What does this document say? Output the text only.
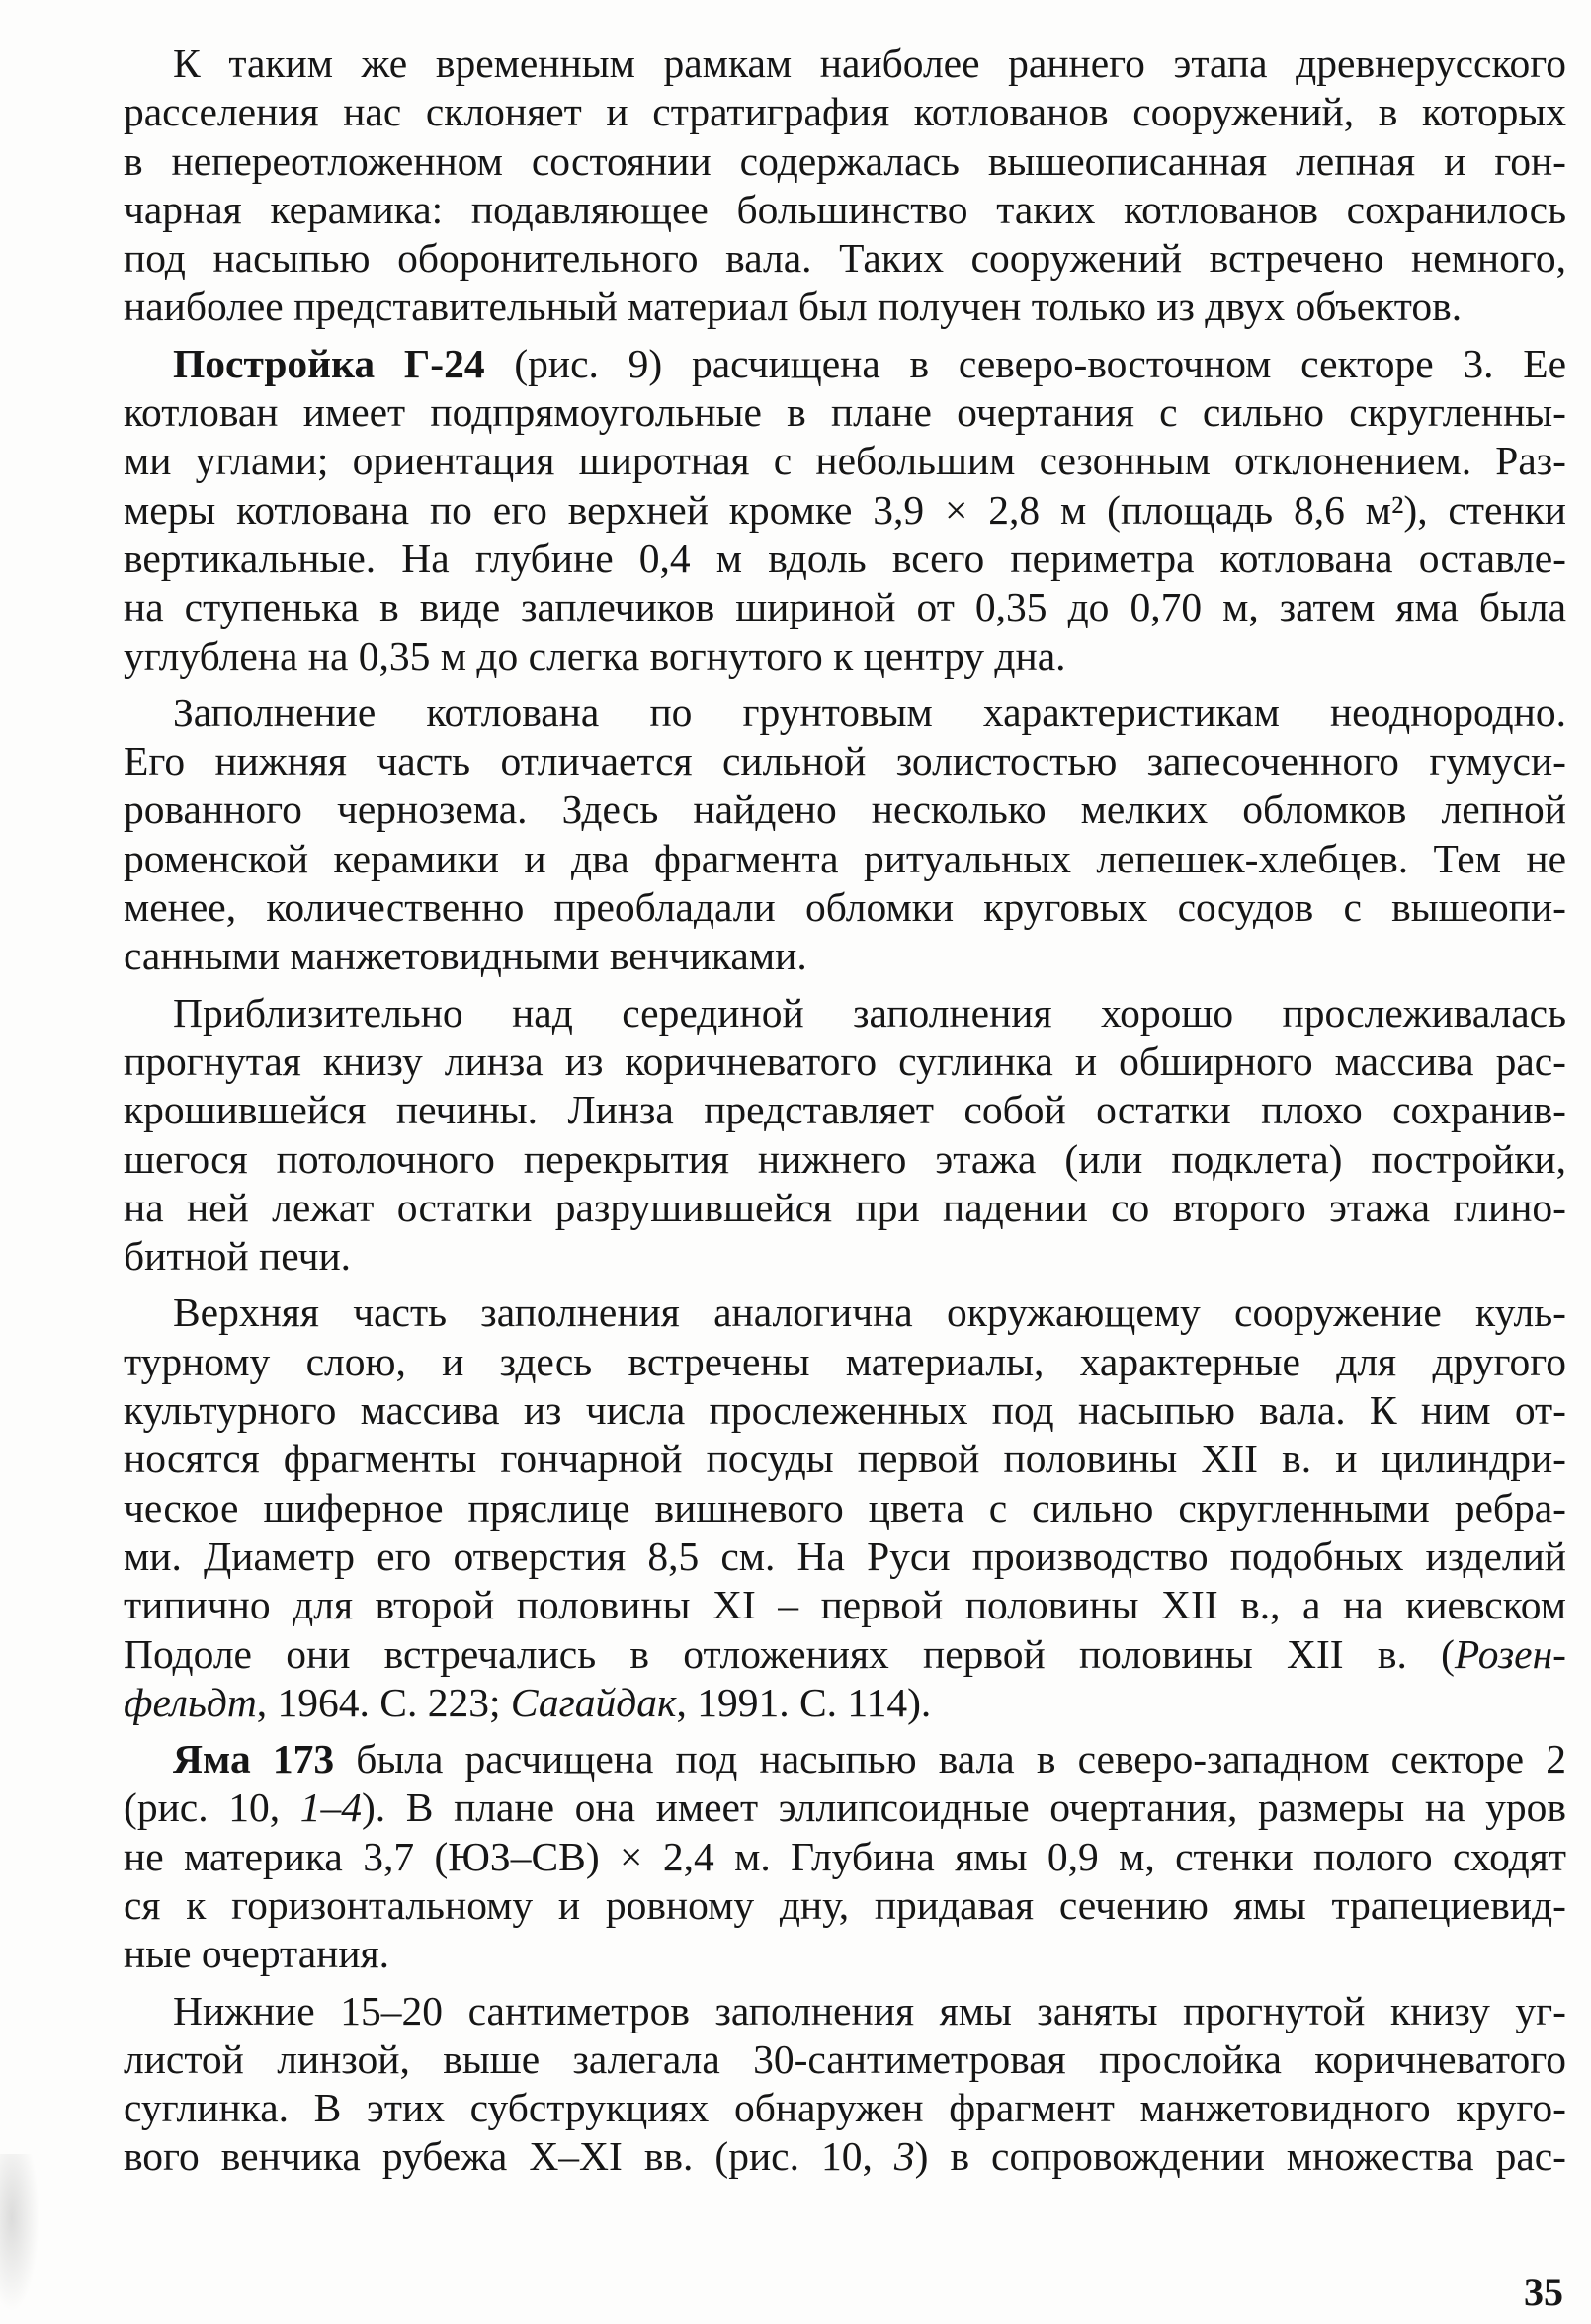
К таким же временным рамкам наиболее раннего этапа древнерусского
расселения нас склоняет и стратиграфия котлованов сооружений, в которых
в непереотложенном состоянии содержалась вышеописанная лепная и гон-
чарная керамика: подавляющее большинство таких котлованов сохранилось
под насыпью оборонительного вала. Таких сооружений встречено немного,
наиболее представительный материал был получен только из двух объектов.
Постройка Г-24 (рис. 9) расчищена в северо-восточном секторе 3. Ее
котлован имеет подпрямоугольные в плане очертания с сильно скругленны-
ми углами; ориентация широтная с небольшим сезонным отклонением. Раз-
меры котлована по его верхней кромке 3,9 × 2,8 м (площадь 8,6 м²), стенки
вертикальные. На глубине 0,4 м вдоль всего периметра котлована оставле-
на ступенька в виде заплечиков шириной от 0,35 до 0,70 м, затем яма была
углублена на 0,35 м до слегка вогнутого к центру дна.
Заполнение котлована по грунтовым характеристикам неоднородно.
Его нижняя часть отличается сильной золистостью запесоченного гумуси-
рованного чернозема. Здесь найдено несколько мелких обломков лепной
роменской керамики и два фрагмента ритуальных лепешек-хлебцев. Тем не
менее, количественно преобладали обломки круговых сосудов с вышеопи-
санными манжетовидными венчиками.
Приблизительно над серединой заполнения хорошо прослеживалась
прогнутая книзу линза из коричневатого суглинка и обширного массива рас-
крошившейся печины. Линза представляет собой остатки плохо сохранив-
шегося потолочного перекрытия нижнего этажа (или подклета) постройки,
на ней лежат остатки разрушившейся при падении со второго этажа глино-
битной печи.
Верхняя часть заполнения аналогична окружающему сооружение куль-
турному слою, и здесь встречены материалы, характерные для другого
культурного массива из числа прослеженных под насыпью вала. К ним от-
носятся фрагменты гончарной посуды первой половины XII в. и цилиндри-
ческое шиферное пряслице вишневого цвета с сильно скругленными ребра-
ми. Диаметр его отверстия 8,5 см. На Руси производство подобных изделий
типично для второй половины XI – первой половины XII в., а на киевском
Подоле они встречались в отложениях первой половины XII в. (Розен-
фельдт, 1964. С. 223; Сагайдак, 1991. С. 114).
Яма 173 была расчищена под насыпью вала в северо-западном секторе 2
(рис. 10, 1–4). В плане она имеет эллипсоидные очертания, размеры на уров
не материка 3,7 (ЮЗ–СВ) × 2,4 м. Глубина ямы 0,9 м, стенки полого сходят
ся к горизонтальному и ровному дну, придавая сечению ямы трапециевид-
ные очертания.
Нижние 15–20 сантиметров заполнения ямы заняты прогнутой книзу уг-
листой линзой, выше залегала 30-сантиметровая прослойка коричневатого
суглинка. В этих субструкциях обнаружен фрагмент манжетовидного круго-
вого венчика рубежа X–XI вв. (рис. 10, 3) в сопровождении множества рас-
35
